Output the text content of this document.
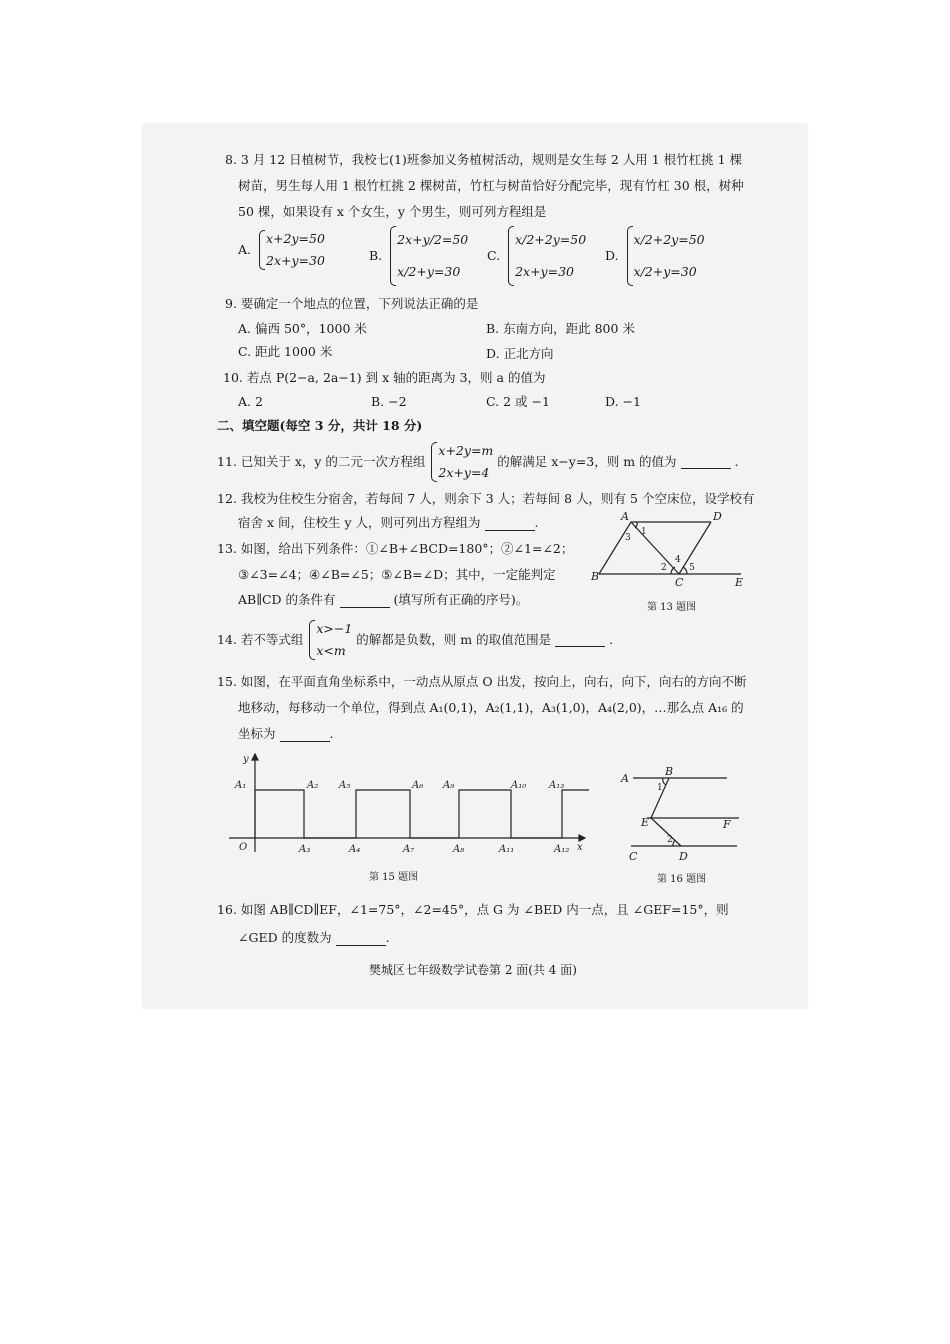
8. 3 月 12 日植树节，我校七(1)班参加义务植树活动，规则是女生每 2 人用 1 根竹杠挑 1 棵
树苗，男生每人用 1 根竹杠挑 2 棵树苗，竹杠与树苗恰好分配完毕，现有竹杠 30 根，树种
50 棵，如果设有 x 个女生，y 个男生，则可列方程组是
A.
x+2y=50
2x+y=30	B.
2x+y/2=50
x/2+y=30
C.
x/2+2y=50
2x+y=30
D.
x/2+2y=50
x/2+y=30
9. 要确定一个地点的位置，下列说法正确的是
A. 偏西 50°，1000 米	B. 东南方向，距此 800 米
C. 距此 1000 米	D. 正北方向
10. 若点 P(2−a, 2a−1) 到 x 轴的距离为 3，则 a 的值为
A. 2	B. −2	C. 2 或 −1	D. −1
二、填空题(每空 3 分，共计 18 分)
11. 已知关于 x，y 的二元一次方程组
x+2y=m
2x+y=4
的解满足 x−y=3，则 m 的值为	.
12. 我校为住校生分宿舍，若每间 7 人，则余下 3 人；若每间 8 人，则有 5 个空床位，设学校有
宿舍 x 间，住校生 y 人，则可列出方程组为	.
13. 如图，给出下列条件：①∠B+∠BCD=180°；②∠1=∠2；
③∠3=∠4；④∠B=∠5；⑤∠B=∠D；其中，一定能判定
AB∥CD 的条件有	(填写所有正确的序号)。
A	D
B	C	E
1
3
2
4
5
第 13 题图
14. 若不等式组
x>−1
x<m
的解都是负数，则 m 的取值范围是	.
15. 如图，在平面直角坐标系中，一动点从原点 O 出发，按向上，向右，向下，向右的方向不断
地移动，每移动一个单位，得到点 A₁(0,1)，A₂(1,1)，A₃(1,0)，A₄(2,0)，…那么点 A₁₆ 的
坐标为	.
y
x
O
A₁	A₂
A₃	A₄
A₅	A₆
A₇	A₈
A₉	A₁₀
A₁₁	A₁₂
A₁₃
第 15 题图
A
B
E	F
C	D
1
2
第 16 题图
16. 如图 AB∥CD∥EF，∠1=75°，∠2=45°，点 G 为 ∠BED 内一点，且 ∠GEF=15°，则
∠GED 的度数为	.
樊城区七年级数学试卷第 2 面(共 4 面)
